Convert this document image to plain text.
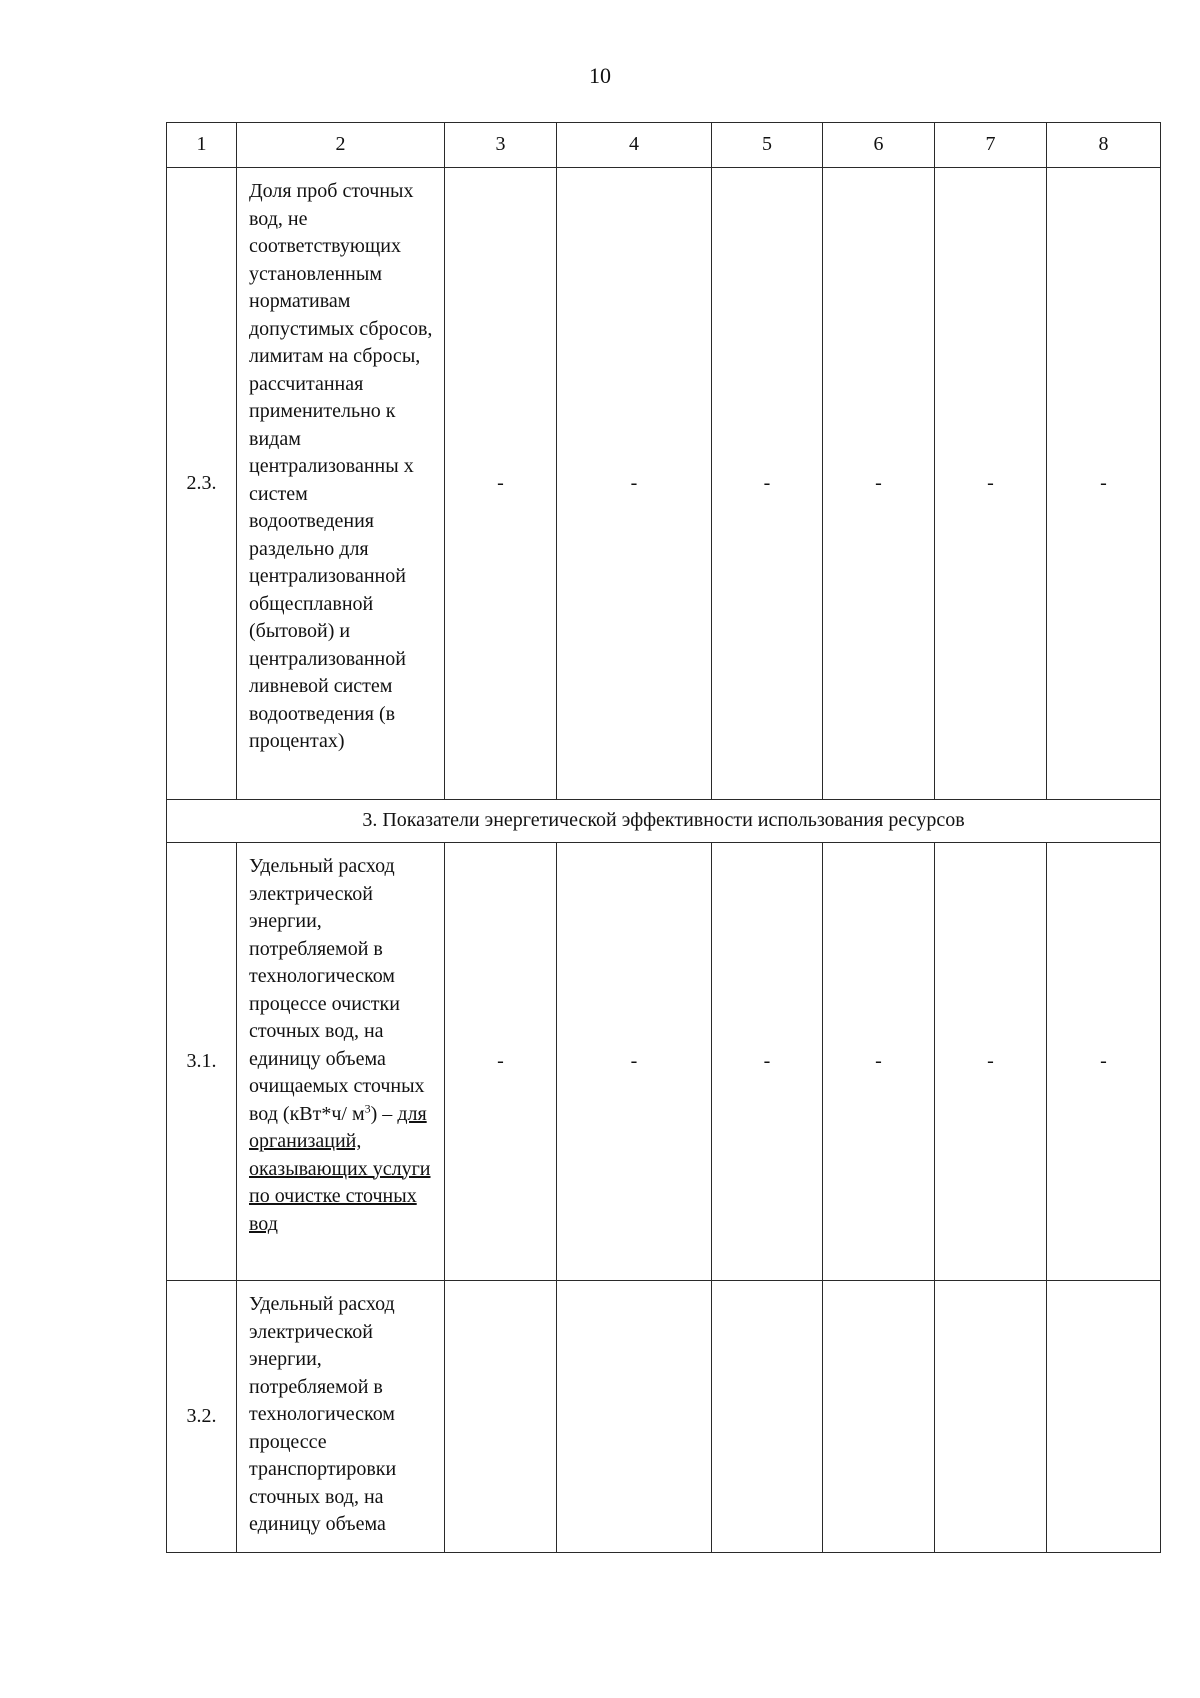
10
1	2	3	4	5	6	7	8
2.3.	Доля проб сточных вод, не соответствующих установленным нормативам допустимых сбросов, лимитам на сбросы, рассчитанная применительно к видам централизованны х систем водоотведения раздельно для централизованной общесплавной (бытовой) и централизованной ливневой систем водоотведения (в процентах)	-	-	-	-	-	-
3. Показатели энергетической эффективности использования ресурсов							
3.1.	Удельный расход электрической энергии, потребляемой в технологическом процессе очистки сточных вод, на единицу объема очищаемых сточных вод (кВт*ч/ $м^3$) – для организаций, оказывающих услуги по очистке сточных вод	-	-	-	-	-	-
3.2.	Удельный расход электрической энергии, потребляемой в технологическом процессе транспортировки сточных вод, на единицу объема						
